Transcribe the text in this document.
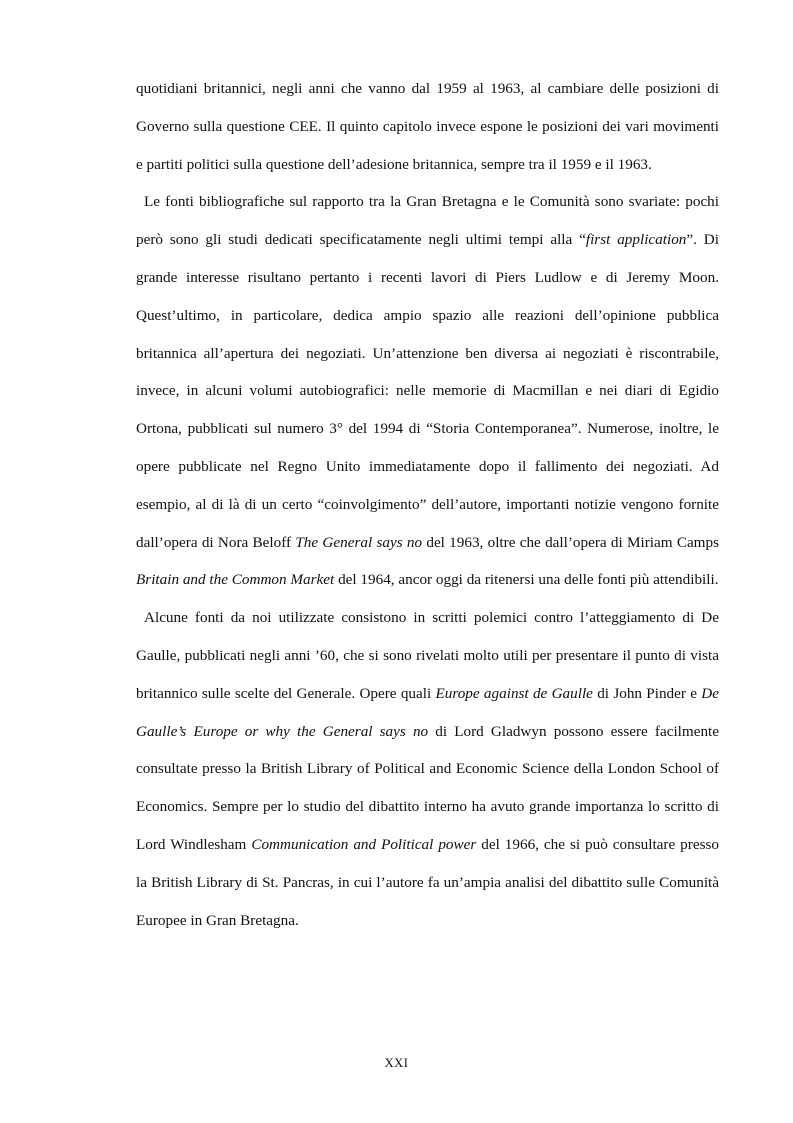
quotidiani britannici, negli anni che vanno dal 1959 al 1963, al cambiare delle posizioni di Governo sulla questione CEE. Il quinto capitolo invece espone le posizioni dei vari movimenti e partiti politici sulla questione dell’adesione britannica, sempre tra il 1959 e il 1963.

Le fonti bibliografiche sul rapporto tra la Gran Bretagna e le Comunità sono svariate: pochi però sono gli studi dedicati specificatamente negli ultimi tempi alla “first application”. Di grande interesse risultano pertanto i recenti lavori di Piers Ludlow e di Jeremy Moon. Quest’ultimo, in particolare, dedica ampio spazio alle reazioni dell’opinione pubblica britannica all’apertura dei negoziati. Un’attenzione ben diversa ai negoziati è riscontrabile, invece, in alcuni volumi autobiografici: nelle memorie di Macmillan e nei diari di Egidio Ortona, pubblicati sul numero 3° del 1994 di “Storia Contemporanea”. Numerose, inoltre, le opere pubblicate nel Regno Unito immediatamente dopo il fallimento dei negoziati. Ad esempio, al di là di un certo “coinvolgimento” dell’autore, importanti notizie vengono fornite dall’opera di Nora Beloff The General says no del 1963, oltre che dall’opera di Miriam Camps Britain and the Common Market del 1964, ancor oggi da ritenersi una delle fonti più attendibili.

Alcune fonti da noi utilizzate consistono in scritti polemici contro l’atteggiamento di De Gaulle, pubblicati negli anni ’60, che si sono rivelati molto utili per presentare il punto di vista britannico sulle scelte del Generale. Opere quali Europe against de Gaulle di John Pinder e De Gaulle’s Europe or why the General says no di Lord Gladwyn possono essere facilmente consultate presso la British Library of Political and Economic Science della London School of Economics. Sempre per lo studio del dibattito interno ha avuto grande importanza lo scritto di Lord Windlesham Communication and Political power del 1966, che si può consultare presso la British Library di St. Pancras, in cui l’autore fa un’ampia analisi del dibattito sulle Comunità Europee in Gran Bretagna.

XXI
